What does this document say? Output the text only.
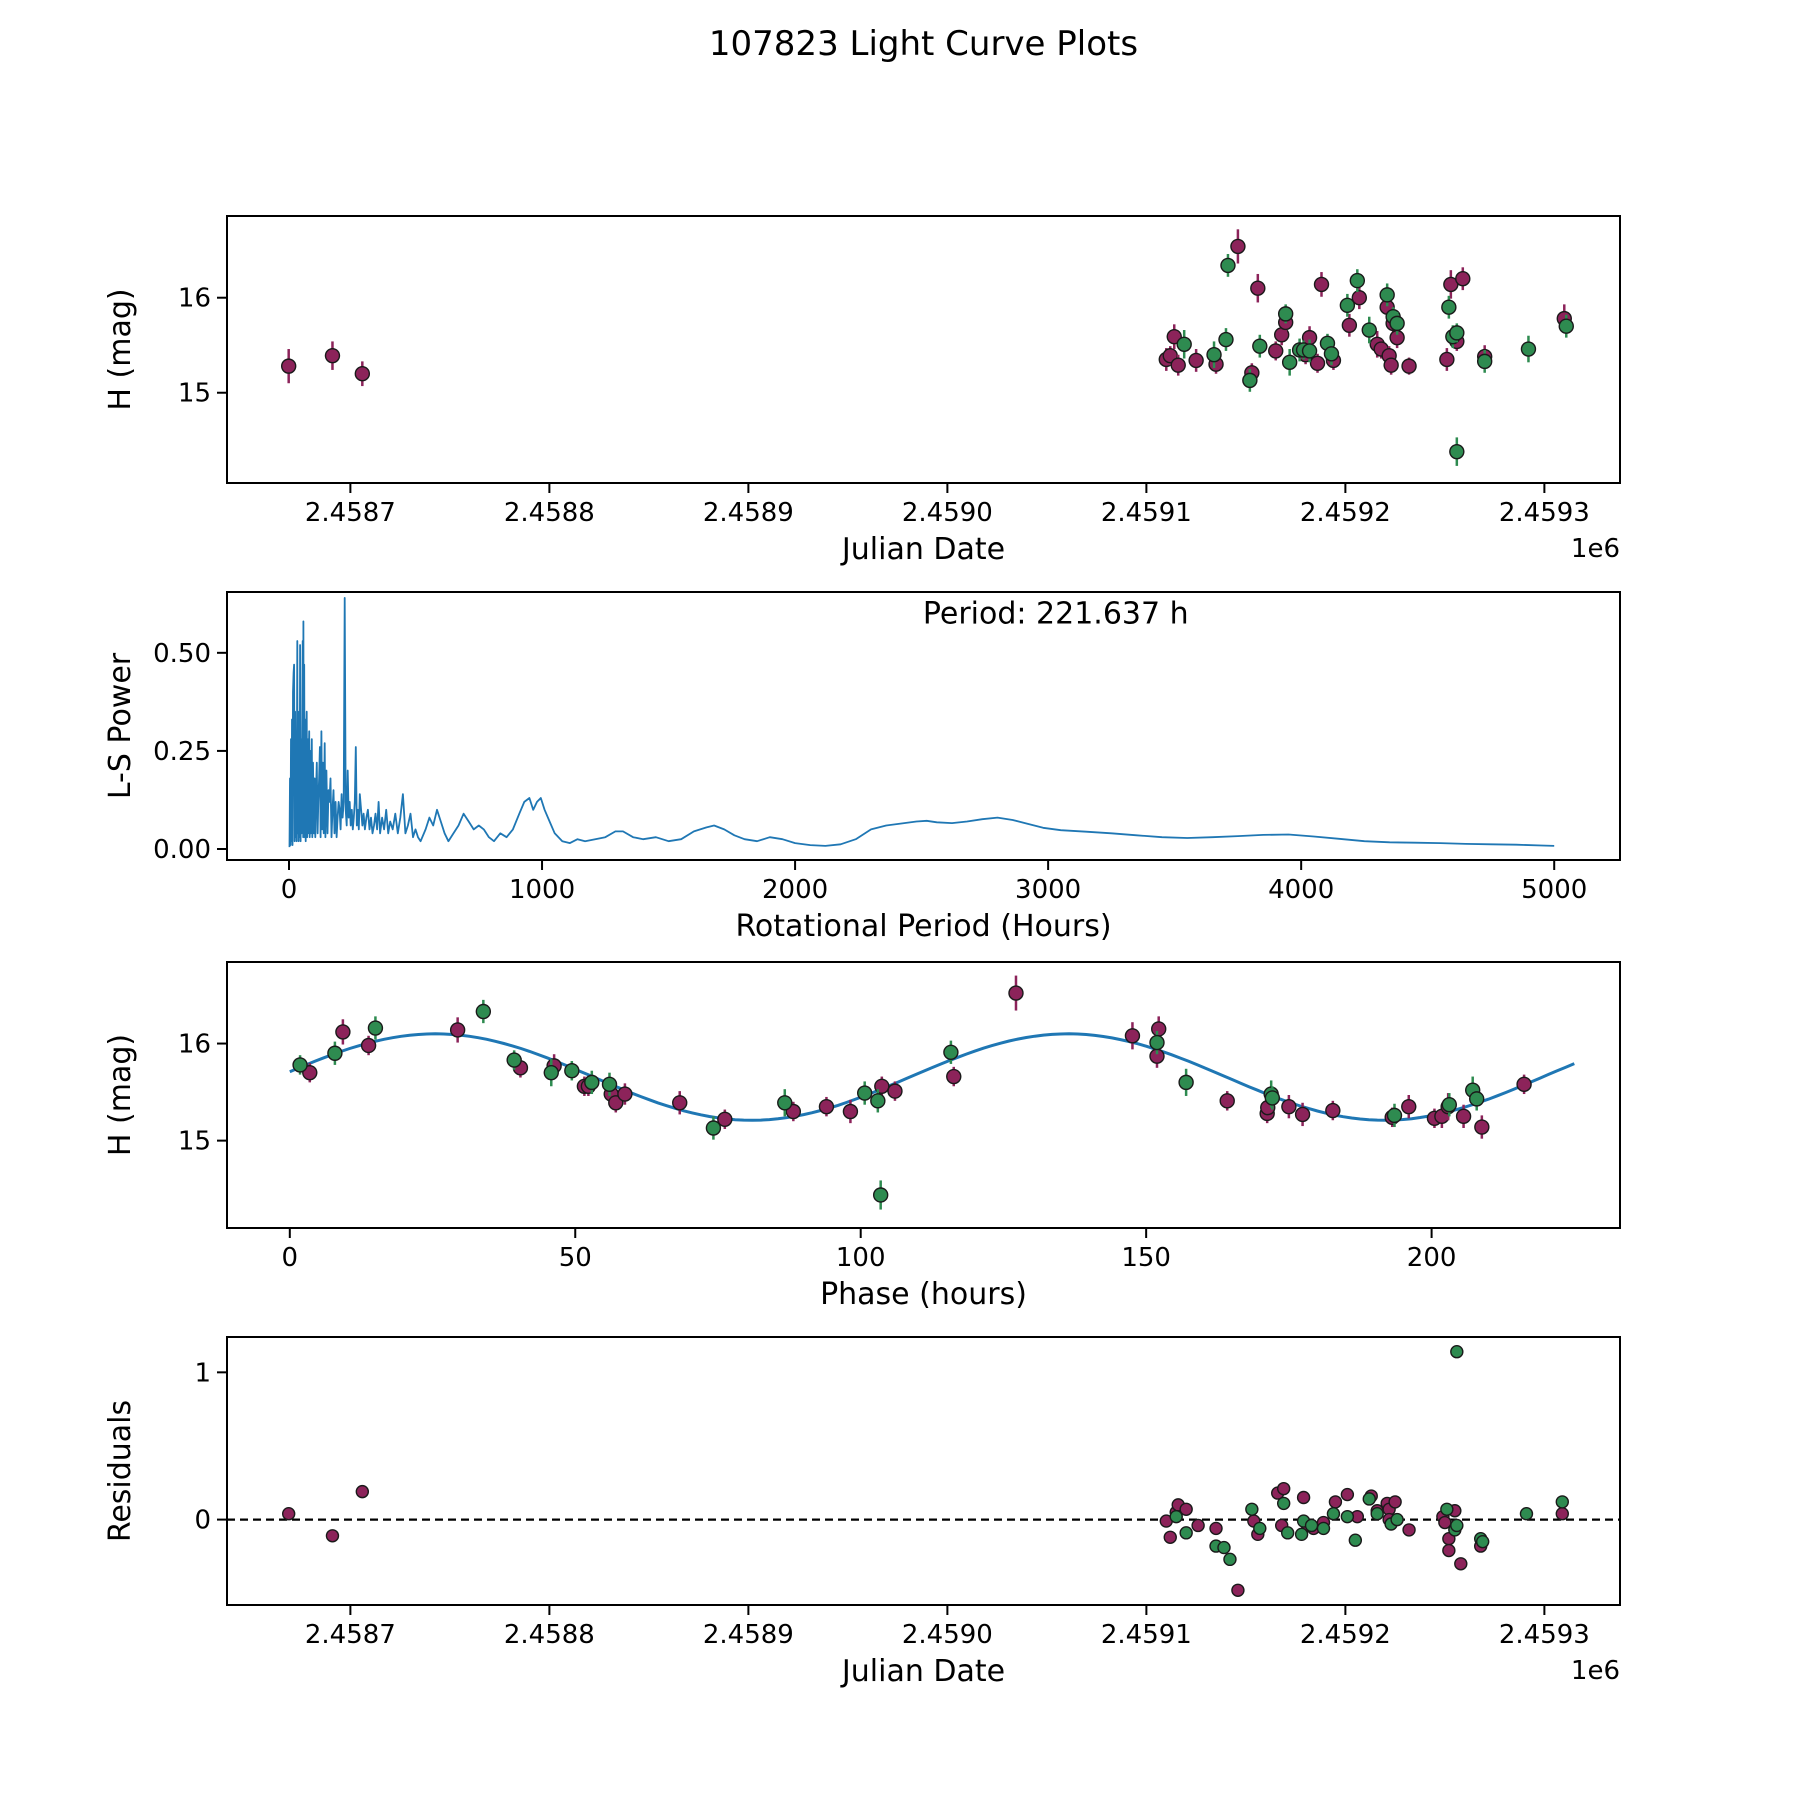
107823 Light Curve Plots
2.4587	2.4588	2.4589	2.4590	2.4591	2.4592	2.4593
15
16
Julian Date
H (mag)
1e6
0	1000	2000	3000	4000	5000
0.00
0.25
0.50
Rotational Period (Hours)
L-S Power
Period: 221.637 h
0	50	100	150	200
15
16
Phase (hours)
H (mag)
2.4587	2.4588	2.4589	2.4590	2.4591	2.4592	2.4593
0
1
Julian Date
Residuals
1e6
